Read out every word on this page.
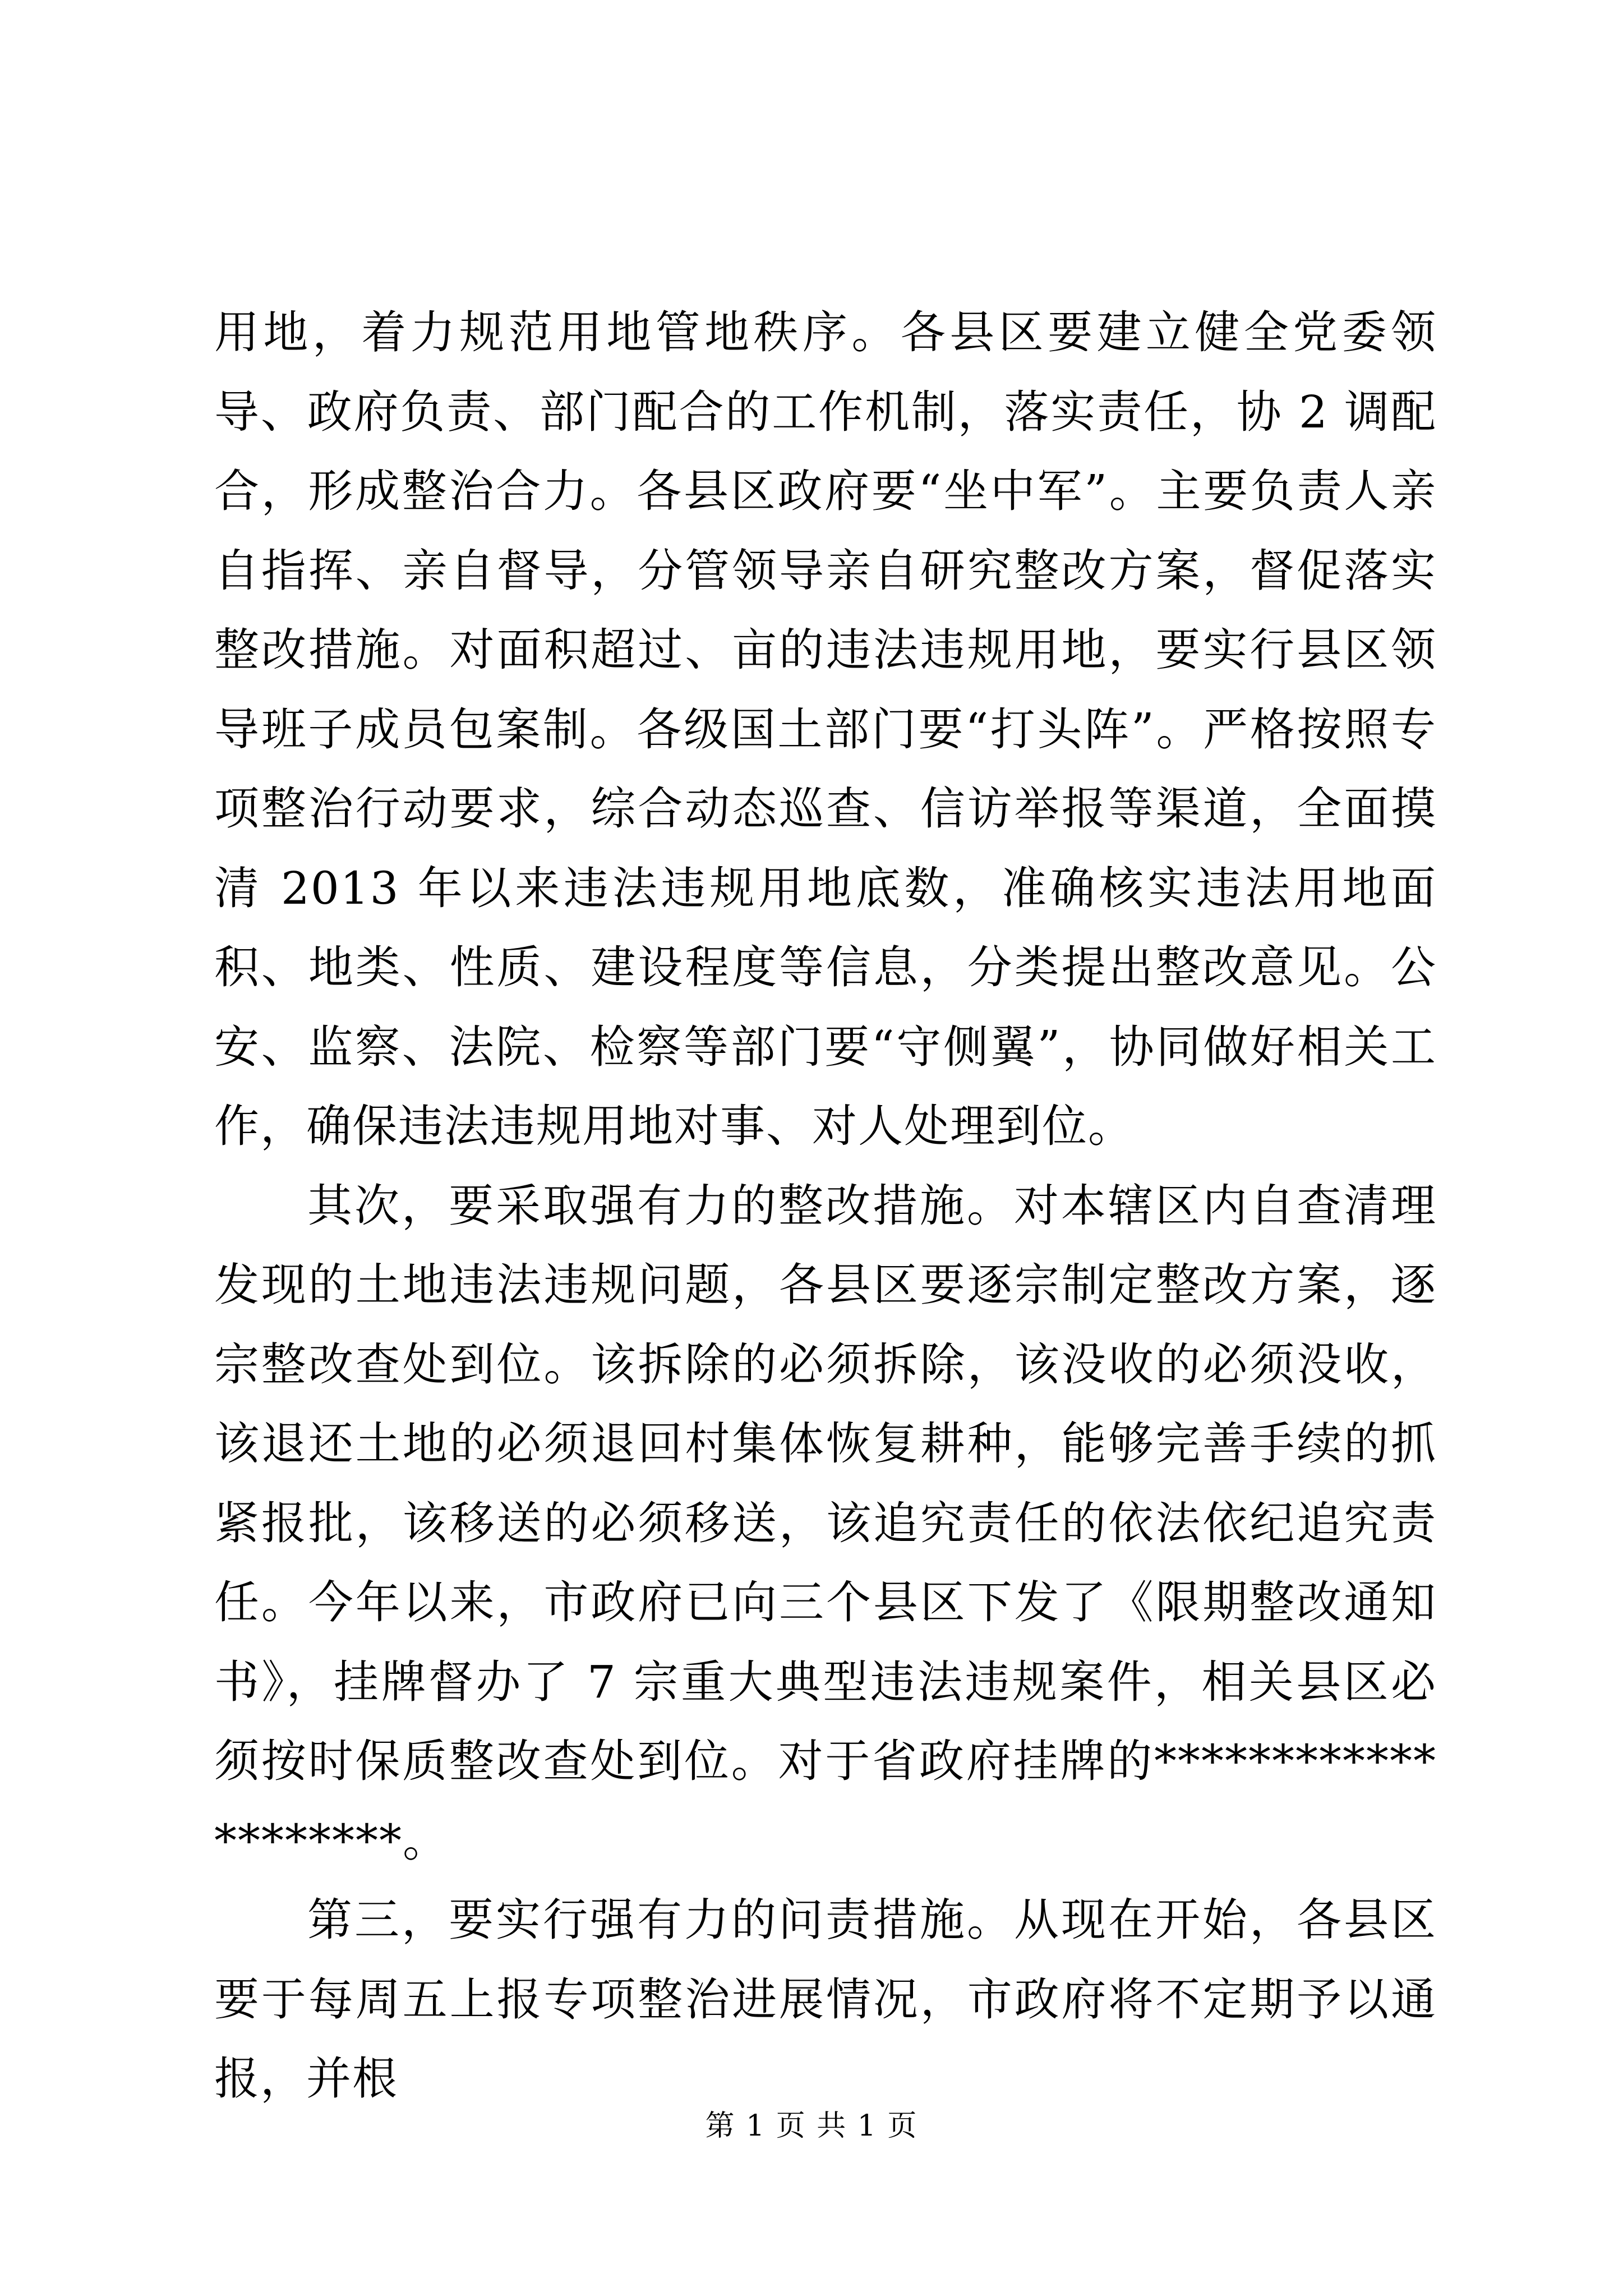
用地，着力规范用地管地秩序。各县区要建立健全党委领导、政府负责、部门配合的工作机制，落实责任，协 2 调配合，形成整治合力。各县区政府要“坐中军”。主要负责人亲自指挥、亲自督导，分管领导亲自研究整改方案，督促落实整改措施。对面积超过、亩的违法违规用地，要实行县区领导班子成员包案制。各级国土部门要“打头阵”。严格按照专项整治行动要求，综合动态巡查、信访举报等渠道，全面摸清 2013 年以来违法违规用地底数，准确核实违法用地面积、地类、性质、建设程度等信息，分类提出整改意见。公安、监察、法院、检察等部门要“守侧翼”，协同做好相关工作，确保违法违规用地对事、对人处理到位。

其次，要采取强有力的整改措施。对本辖区内自查清理发现的土地违法违规问题，各县区要逐宗制定整改方案，逐宗整改查处到位。该拆除的必须拆除，该没收的必须没收，该退还土地的必须退回村集体恢复耕种，能够完善手续的抓紧报批，该移送的必须移送，该追究责任的依法依纪追究责任。今年以来，市政府已向三个县区下发了《限期整改通知书》，挂牌督办了 7 宗重大典型违法违规案件，相关县区必须按时保质整改查处到位。对于省政府挂牌的********************。

第三，要实行强有力的问责措施。从现在开始，各县区要于每周五上报专项整治进展情况，市政府将不定期予以通报，并根

第 1 页 共 1 页
